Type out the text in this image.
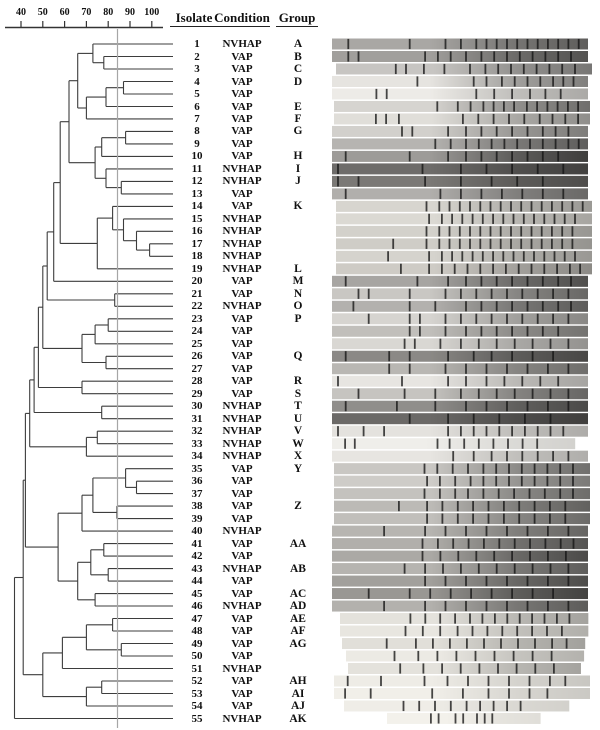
40 50 60 70 80 90 100	Isolate Condition Group
1	NVHAP	A
2	VAP	B
3	VAP	C
4	VAP	D
5	VAP
6	VAP	E
7	VAP	F
8	VAP	G
9	VAP
10	VAP	H
11	NVHAP	I
12	NVHAP	J
13	VAP
14	VAP	K
15	NVHAP
16	NVHAP
17	NVHAP
18	NVHAP
19	NVHAP	L
20	VAP	M
21	VAP	N
22	NVHAP	O
23	VAP	P
24	VAP
25	VAP
26	VAP	Q
27	VAP
28	VAP	R
29	VAP	S
30	NVHAP	T
31	NVHAP	U
32	NVHAP	V
33	NVHAP	W
34	NVHAP	X
35	VAP	Y
36	VAP
37	VAP
38	VAP	Z
39	VAP
40	NVHAP
41	VAP	AA
42	VAP
43	NVHAP	AB
44	VAP
45	VAP	AC
46	NVHAP	AD
47	VAP	AE
48	VAP	AF
49	VAP	AG
50	VAP
51	NVHAP
52	VAP	AH
53	VAP	AI
54	VAP	AJ
55	NVHAP	AK
